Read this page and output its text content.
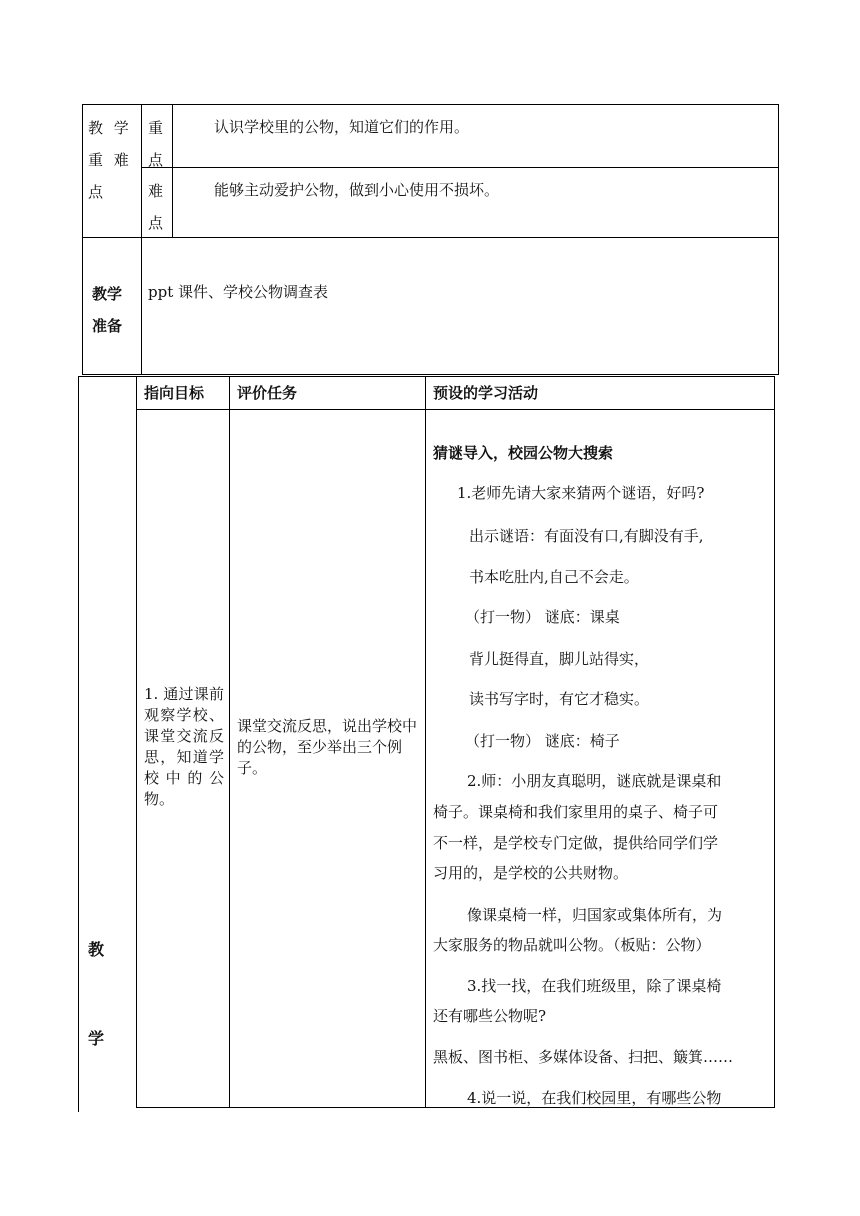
教 学 重 难 点
重点
认识学校里的公物，知道它们的作用。
难点
能够主动爱护公物，做到小心使用不损坏。
教学准备
ppt 课件、学校公物调查表
教
学
指向目标 评价任务	预设的学习活动
1. 通过课前观察学校、课堂交流反思，知道学校中的公物。
课堂交流反思，说出学校中的公物，至少举出三个例子。
猜谜导入，校园公物大搜索
1.老师先请大家来猜两个谜语，好吗?
出示谜语：有面没有口,有脚没有手,
书本吃肚内,自己不会走。
（打一物） 谜底：课桌
背儿挺得直，脚儿站得实，
读书写字时，有它才稳实。
（打一物） 谜底：椅子
2.师：小朋友真聪明，谜底就是课桌和
椅子。课桌椅和我们家里用的桌子、椅子可
不一样，是学校专门定做，提供给同学们学
习用的，是学校的公共财物。
像课桌椅一样，归国家或集体所有，为
大家服务的物品就叫公物。（板贴：公物）
3.找一找，在我们班级里，除了课桌椅
还有哪些公物呢?
黑板、图书柜、多媒体设备、扫把、簸箕……
4.说一说，在我们校园里，有哪些公物
